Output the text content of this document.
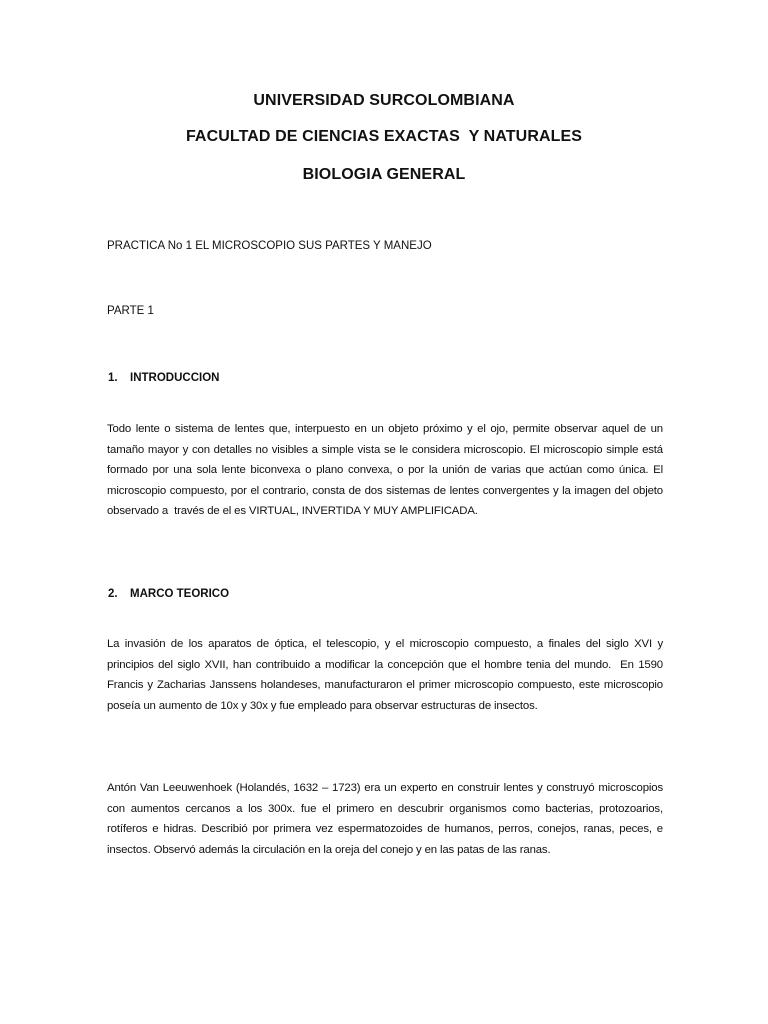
UNIVERSIDAD SURCOLOMBIANA
FACULTAD DE CIENCIAS EXACTAS  Y NATURALES
BIOLOGIA GENERAL
PRACTICA No 1 EL MICROSCOPIO SUS PARTES Y MANEJO
PARTE 1
1. INTRODUCCION
Todo lente o sistema de lentes que, interpuesto en un objeto próximo y el ojo, permite observar aquel de un tamaño mayor y con detalles no visibles a simple vista se le considera microscopio. El microscopio simple está formado por una sola lente biconvexa o plano convexa, o por la unión de varias que actúan como única. El microscopio compuesto, por el contrario, consta de dos sistemas de lentes convergentes y la imagen del objeto observado a  través de el es VIRTUAL, INVERTIDA Y MUY AMPLIFICADA.
2. MARCO TEORICO
La invasión de los aparatos de óptica, el telescopio, y el microscopio compuesto, a finales del siglo XVI y principios del siglo XVII, han contribuido a modificar la concepción que el hombre tenia del mundo.  En 1590 Francis y Zacharias Janssens holandeses, manufacturaron el primer microscopio compuesto, este microscopio poseía un aumento de 10x y 30x y fue empleado para observar estructuras de insectos.
Antón Van Leeuwenhoek (Holandés, 1632 – 1723) era un experto en construir lentes y construyó microscopios con aumentos cercanos a los 300x. fue el primero en descubrir organismos como bacterias, protozoarios, rotíferos e hidras. Describió por primera vez espermatozoides de humanos, perros, conejos, ranas, peces, e insectos. Observó además la circulación en la oreja del conejo y en las patas de las ranas.
